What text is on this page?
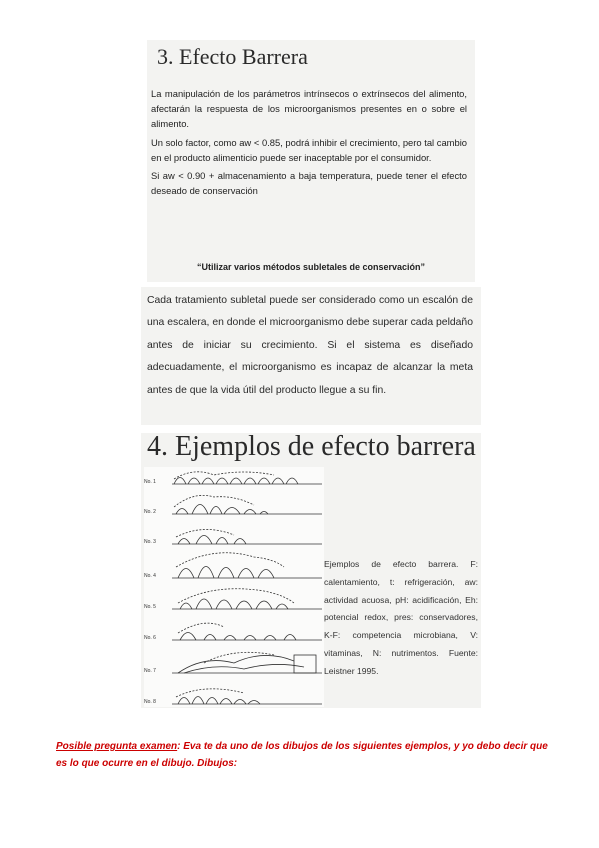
3. Efecto Barrera

La manipulación de los parámetros intrínsecos o extrínsecos del alimento, afectarán la respuesta de los microorganismos presentes en o sobre el alimento.

Un solo factor, como aw < 0.85, podrá inhibir el crecimiento, pero tal cambio en el producto alimenticio puede ser inaceptable por el consumidor.

Si aw < 0.90 + almacenamiento a baja temperatura, puede tener el efecto deseado de conservación

“Utilizar varios métodos subletales de conservación”

Cada tratamiento subletal puede ser considerado como un escalón de una escalera, en donde el microorganismo debe superar cada peldaño antes de iniciar su crecimiento. Si el sistema es diseñado adecuadamente, el microorganismo es incapaz de alcanzar la meta antes de que la vida útil del producto llegue a su fin.

4. Ejemplos de efecto barrera
No. 1
No. 2
No. 3
No. 4
No. 5
No. 6
No. 7
No. 8
Ejemplos de efecto barrera. F: calentamiento, t: refrigeración, aw: actividad acuosa, pH: acidificación, Eh: potencial redox, pres: conservadores, K-F: competencia microbiana, V: vitaminas, N: nutrimentos. Fuente: Leistner 1995.
Posible pregunta examen: Eva te da uno de los dibujos de los siguientes ejemplos, y yo debo decir que es lo que ocurre en el dibujo. Dibujos:
